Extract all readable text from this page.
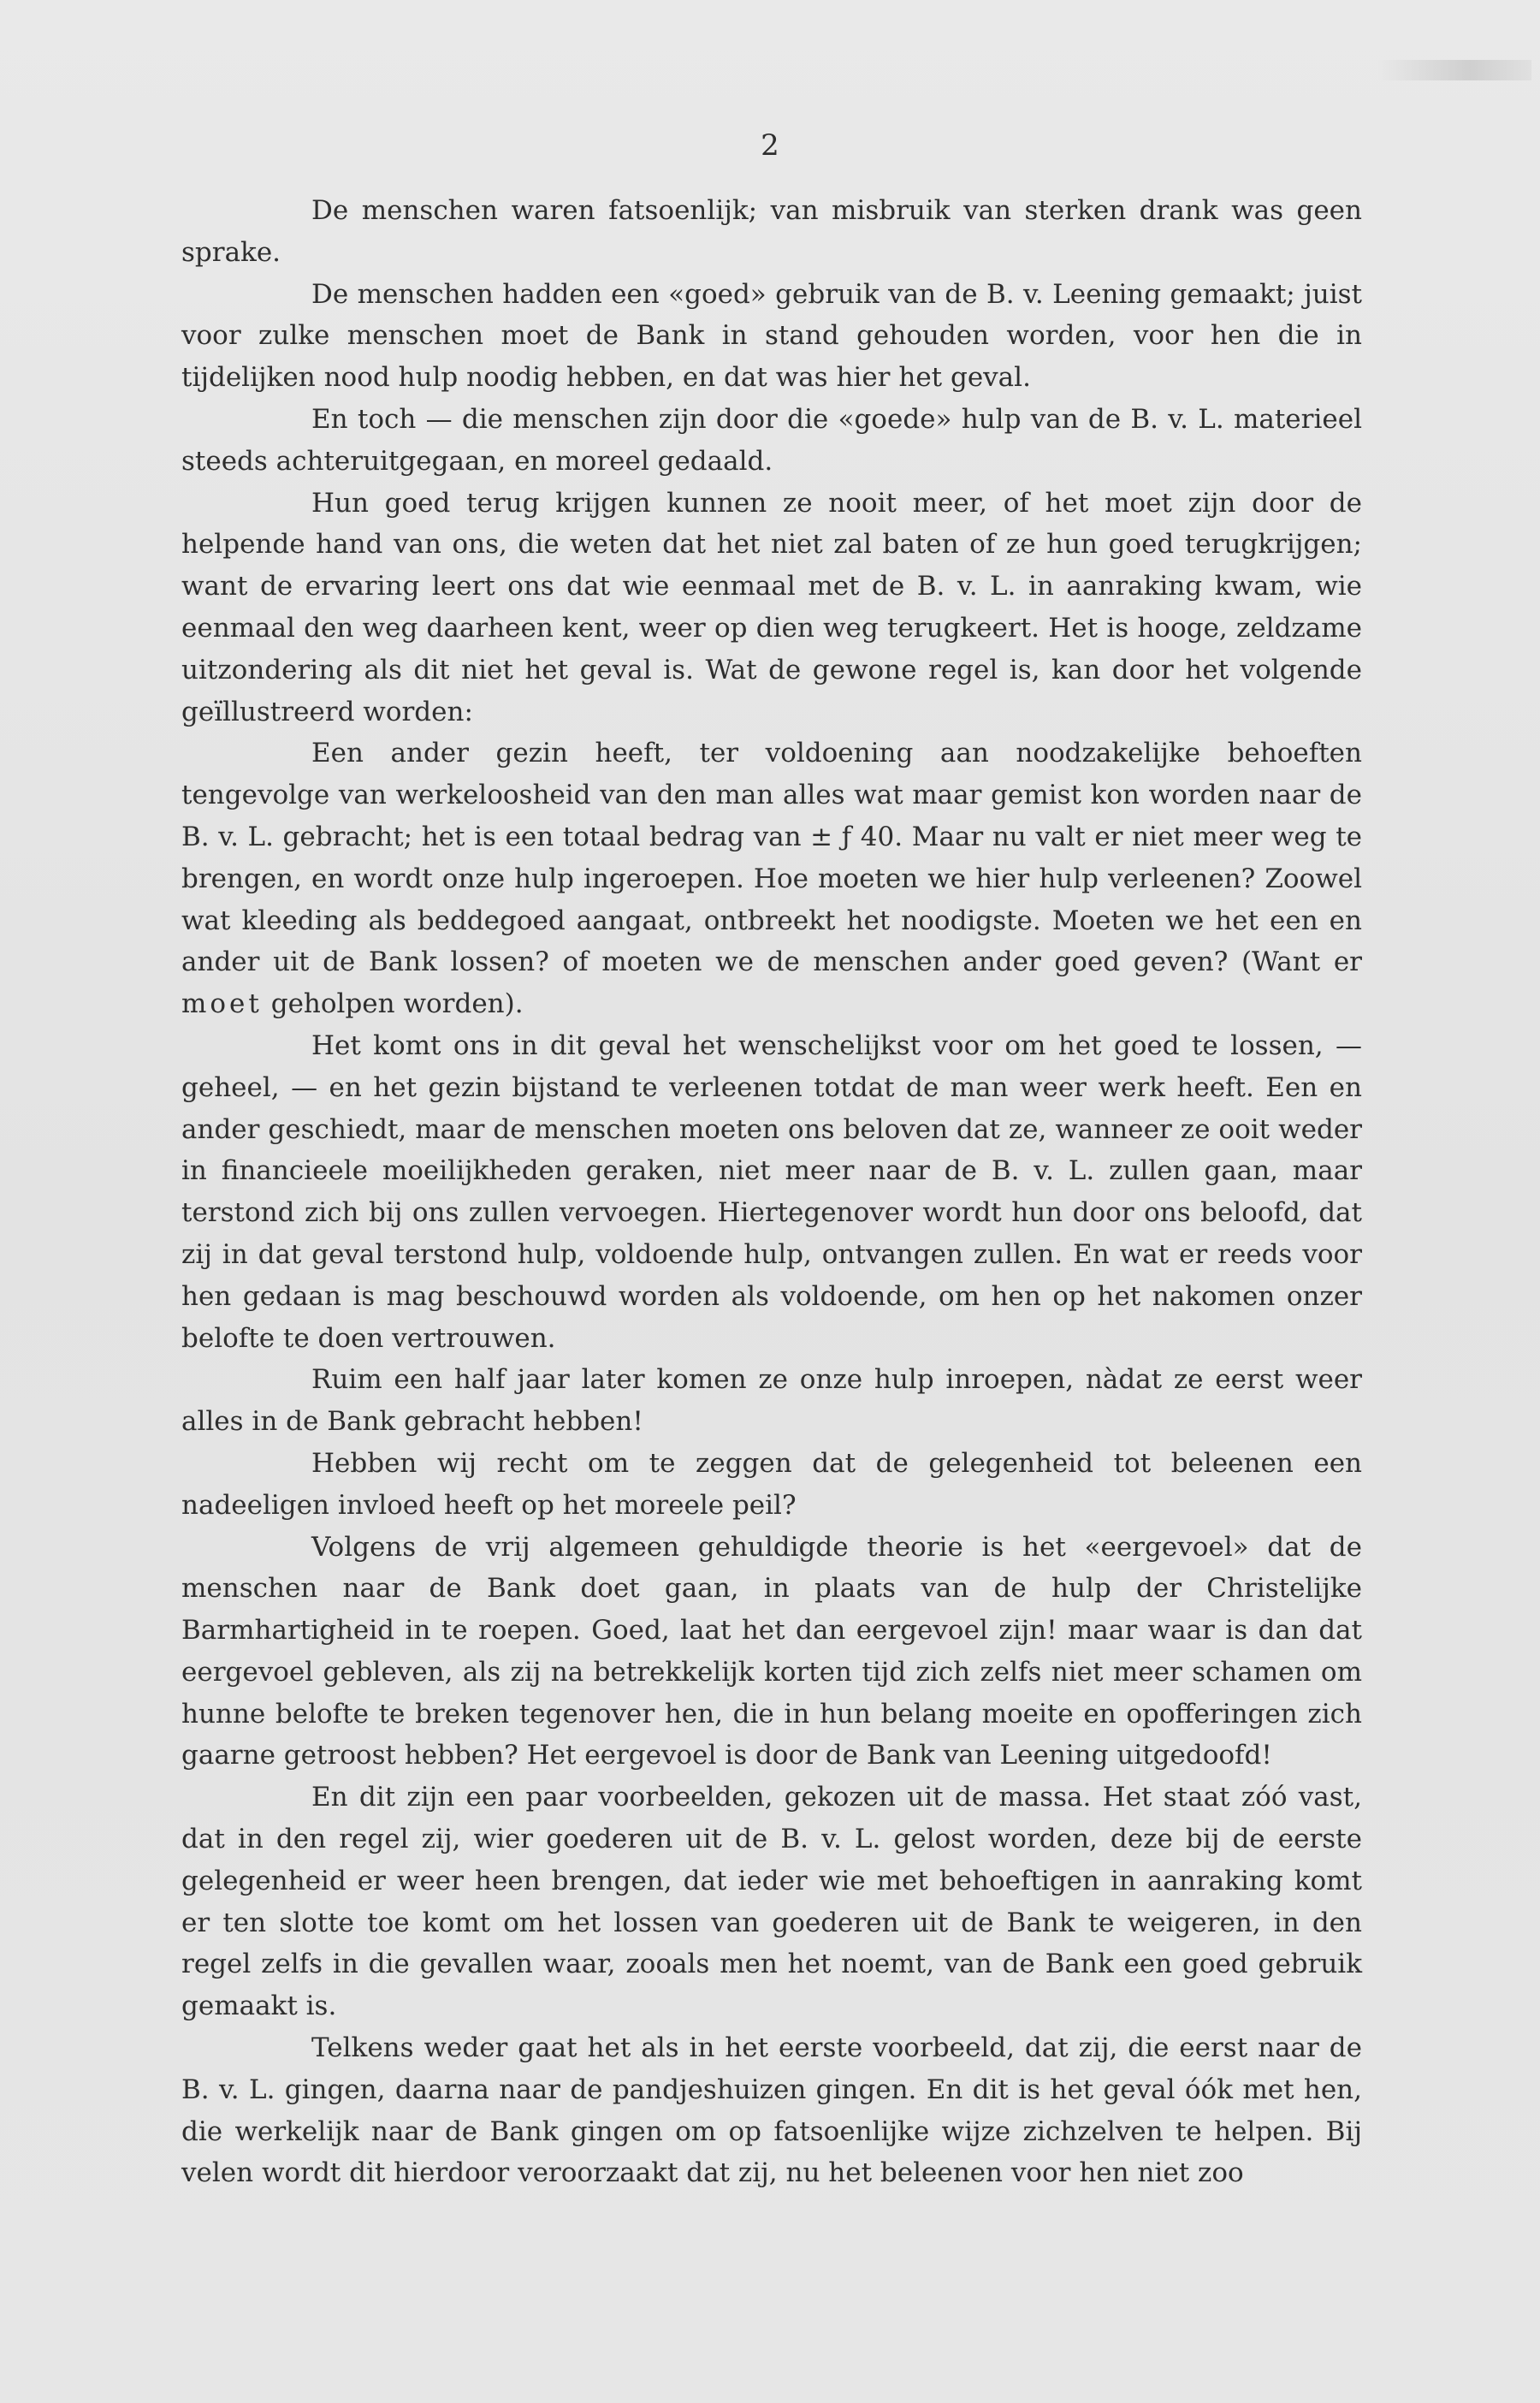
2

De menschen waren fatsoenlijk; van misbruik van sterken drank was geen sprake.

De menschen hadden een «goed» gebruik van de B. v. Leening gemaakt; juist voor zulke menschen moet de Bank in stand gehouden worden, voor hen die in tijdelijken nood hulp noodig hebben, en dat was hier het geval.

En toch — die menschen zijn door die «goede» hulp van de B. v. L. materieel steeds achteruitgegaan, en moreel gedaald.

Hun goed terug krijgen kunnen ze nooit meer, of het moet zijn door de helpende hand van ons, die weten dat het niet zal baten of ze hun goed terugkrijgen; want de ervaring leert ons dat wie eenmaal met de B. v. L. in aanraking kwam, wie eenmaal den weg daarheen kent, weer op dien weg terugkeert. Het is hooge, zeldzame uitzondering als dit niet het geval is. Wat de gewone regel is, kan door het volgende geïllustreerd worden:

Een ander gezin heeft, ter voldoening aan noodzakelijke behoeften tengevolge van werkeloosheid van den man alles wat maar gemist kon worden naar de B. v. L. gebracht; het is een totaal bedrag van ± ƒ 40. Maar nu valt er niet meer weg te brengen, en wordt onze hulp ingeroepen. Hoe moeten we hier hulp verleenen? Zoowel wat kleeding als beddegoed aangaat, ontbreekt het noodigste. Moeten we het een en ander uit de Bank lossen? of moeten we de menschen ander goed geven? (Want er moet geholpen worden).

Het komt ons in dit geval het wenschelijkst voor om het goed te lossen, — geheel, — en het gezin bijstand te verleenen totdat de man weer werk heeft. Een en ander geschiedt, maar de menschen moeten ons beloven dat ze, wanneer ze ooit weder in financieele moeilijkheden geraken, niet meer naar de B. v. L. zullen gaan, maar terstond zich bij ons zullen vervoegen. Hiertegenover wordt hun door ons beloofd, dat zij in dat geval terstond hulp, voldoende hulp, ontvangen zullen. En wat er reeds voor hen gedaan is mag beschouwd worden als voldoende, om hen op het nakomen onzer belofte te doen vertrouwen.

Ruim een half jaar later komen ze onze hulp inroepen, nàdat ze eerst weer alles in de Bank gebracht hebben!

Hebben wij recht om te zeggen dat de gelegenheid tot beleenen een nadeeligen invloed heeft op het moreele peil?

Volgens de vrij algemeen gehuldigde theorie is het «eergevoel» dat de menschen naar de Bank doet gaan, in plaats van de hulp der Christelijke Barmhartigheid in te roepen. Goed, laat het dan eergevoel zijn! maar waar is dan dat eergevoel gebleven, als zij na betrekkelijk korten tijd zich zelfs niet meer schamen om hunne belofte te breken tegenover hen, die in hun belang moeite en opofferingen zich gaarne getroost hebben? Het eergevoel is door de Bank van Leening uitgedoofd!

En dit zijn een paar voorbeelden, gekozen uit de massa. Het staat zóó vast, dat in den regel zij, wier goederen uit de B. v. L. gelost worden, deze bij de eerste gelegenheid er weer heen brengen, dat ieder wie met behoeftigen in aanraking komt er ten slotte toe komt om het lossen van goederen uit de Bank te weigeren, in den regel zelfs in die gevallen waar, zooals men het noemt, van de Bank een goed gebruik gemaakt is.

Telkens weder gaat het als in het eerste voorbeeld, dat zij, die eerst naar de B. v. L. gingen, daarna naar de pandjeshuizen gingen. En dit is het geval óók met hen, die werkelijk naar de Bank gingen om op fatsoenlijke wijze zichzelven te helpen. Bij velen wordt dit hierdoor veroorzaakt dat zij, nu het beleenen voor hen niet zoo
